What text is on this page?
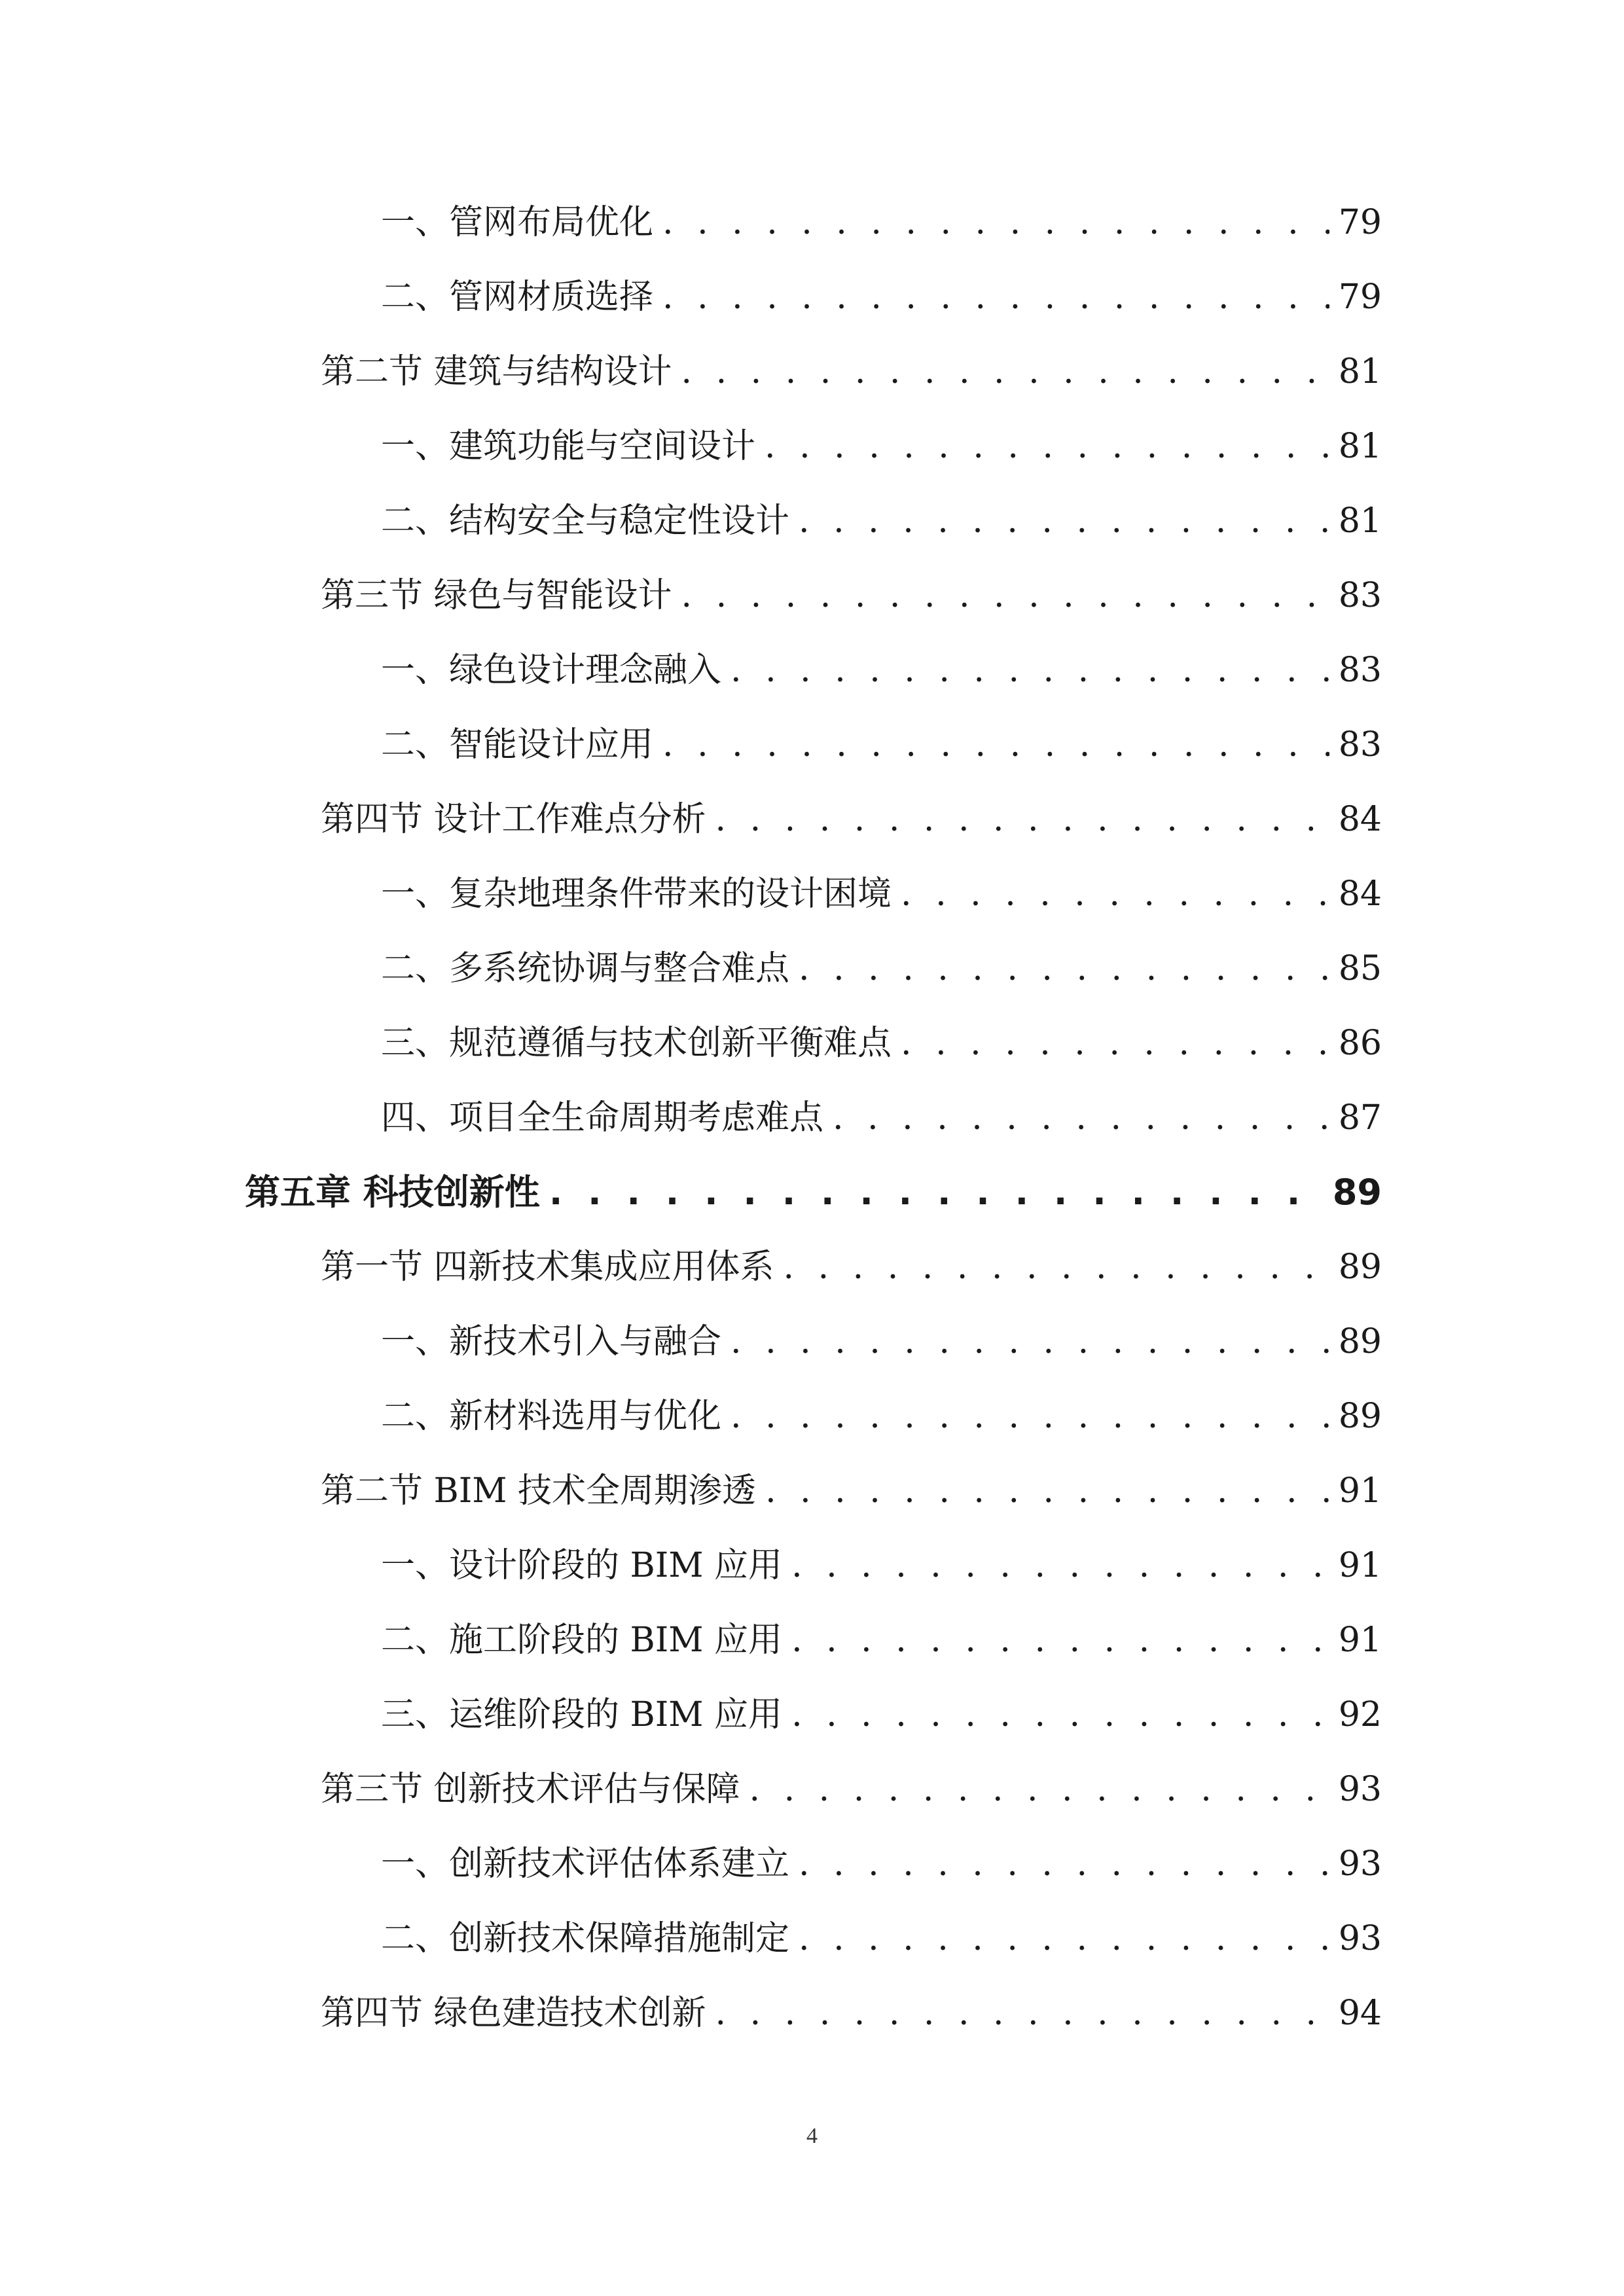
一、管网布局优化 . . .	79
二、管网材质选择 . . .	79
第二节 建筑与结构设计 . . .	81
一、建筑功能与空间设计 . . .	81
二、结构安全与稳定性设计 . . .	81
第三节 绿色与智能设计 . . .	83
一、绿色设计理念融入 . . .	83
二、智能设计应用 . . .	83
第四节 设计工作难点分析 . . .	84
一、复杂地理条件带来的设计困境 . . .	84
二、多系统协调与整合难点 . . .	85
三、规范遵循与技术创新平衡难点 . . .	86
四、项目全生命周期考虑难点 . . .	87
第五章 科技创新性 . . .	89
第一节 四新技术集成应用体系 . . .	89
一、新技术引入与融合 . . .	89
二、新材料选用与优化 . . .	89
第二节 BIM 技术全周期渗透 . . .	91
一、设计阶段的 BIM 应用 . . .	91
二、施工阶段的 BIM 应用 . . .	91
三、运维阶段的 BIM 应用 . . .	92
第三节 创新技术评估与保障 . . .	93
一、创新技术评估体系建立 . . .	93
二、创新技术保障措施制定 . . .	93
第四节 绿色建造技术创新 . . .	94
4
